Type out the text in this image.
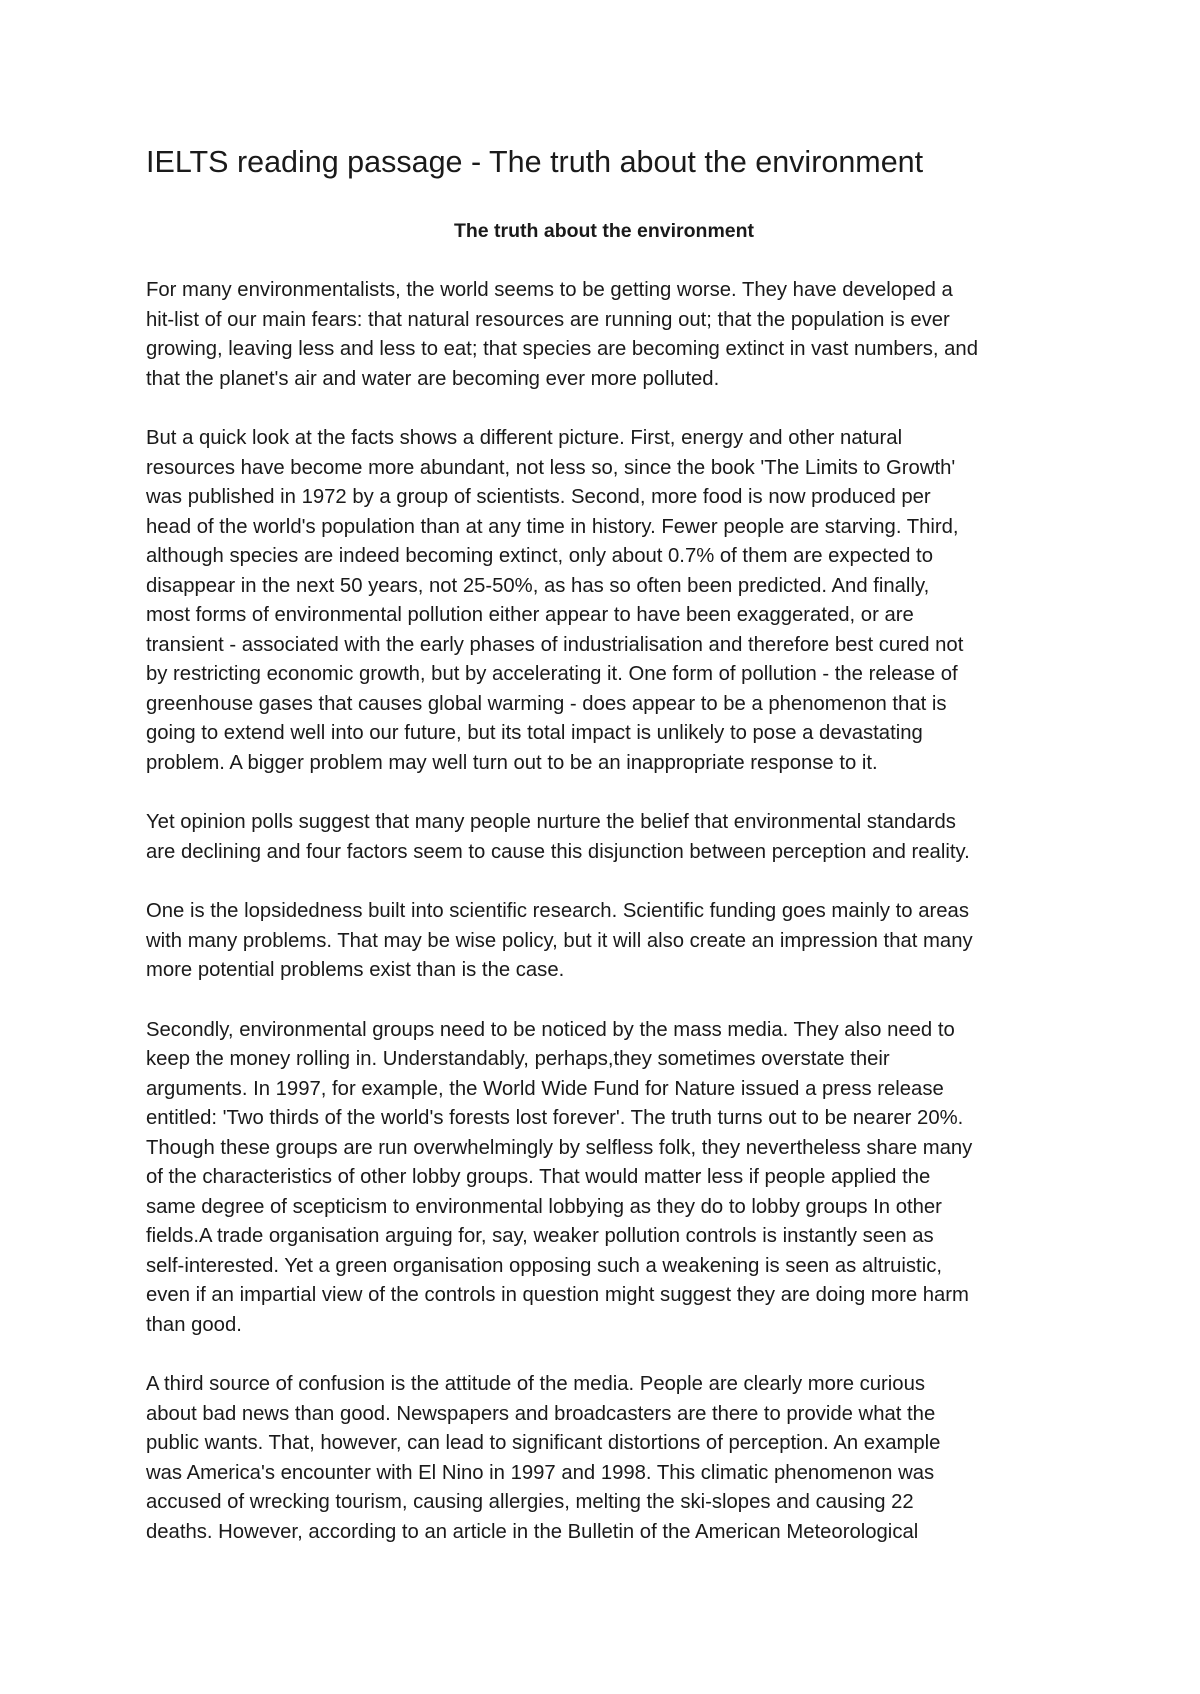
IELTS reading passage - The truth about the environment
The truth about the environment

For many environmentalists, the world seems to be getting worse. They have developed a
hit-list of our main fears: that natural resources are running out; that the population is ever
growing, leaving less and less to eat; that species are becoming extinct in vast numbers, and
that the planet's air and water are becoming ever more polluted.

But a quick look at the facts shows a different picture. First, energy and other natural
resources have become more abundant, not less so, since the book 'The Limits to Growth'
was published in 1972 by a group of scientists. Second, more food is now produced per
head of the world's population than at any time in history. Fewer people are starving. Third,
although species are indeed becoming extinct, only about 0.7% of them are expected to
disappear in the next 50 years, not 25-50%, as has so often been predicted. And finally,
most forms of environmental pollution either appear to have been exaggerated, or are
transient - associated with the early phases of industrialisation and therefore best cured not
by restricting economic growth, but by accelerating it. One form of pollution - the release of
greenhouse gases that causes global warming - does appear to be a phenomenon that is
going to extend well into our future, but its total impact is unlikely to pose a devastating
problem. A bigger problem may well turn out to be an inappropriate response to it.

Yet opinion polls suggest that many people nurture the belief that environmental standards
are declining and four factors seem to cause this disjunction between perception and reality.

One is the lopsidedness built into scientific research. Scientific funding goes mainly to areas
with many problems. That may be wise policy, but it will also create an impression that many
more potential problems exist than is the case.

Secondly, environmental groups need to be noticed by the mass media. They also need to
keep the money rolling in. Understandably, perhaps,they sometimes overstate their
arguments. In 1997, for example, the World Wide Fund for Nature issued a press release
entitled: 'Two thirds of the world's forests lost forever'. The truth turns out to be nearer 20%.
Though these groups are run overwhelmingly by selfless folk, they nevertheless share many
of the characteristics of other lobby groups. That would matter less if people applied the
same degree of scepticism to environmental lobbying as they do to lobby groups In other
fields.A trade organisation arguing for, say, weaker pollution controls is instantly seen as
self-interested. Yet a green organisation opposing such a weakening is seen as altruistic,
even if an impartial view of the controls in question might suggest they are doing more harm
than good.

A third source of confusion is the attitude of the media. People are clearly more curious
about bad news than good. Newspapers and broadcasters are there to provide what the
public wants. That, however, can lead to significant distortions of perception. An example
was America's encounter with El Nino in 1997 and 1998. This climatic phenomenon was
accused of wrecking tourism, causing allergies, melting the ski-slopes and causing 22
deaths. However, according to an article in the Bulletin of the American Meteorological
